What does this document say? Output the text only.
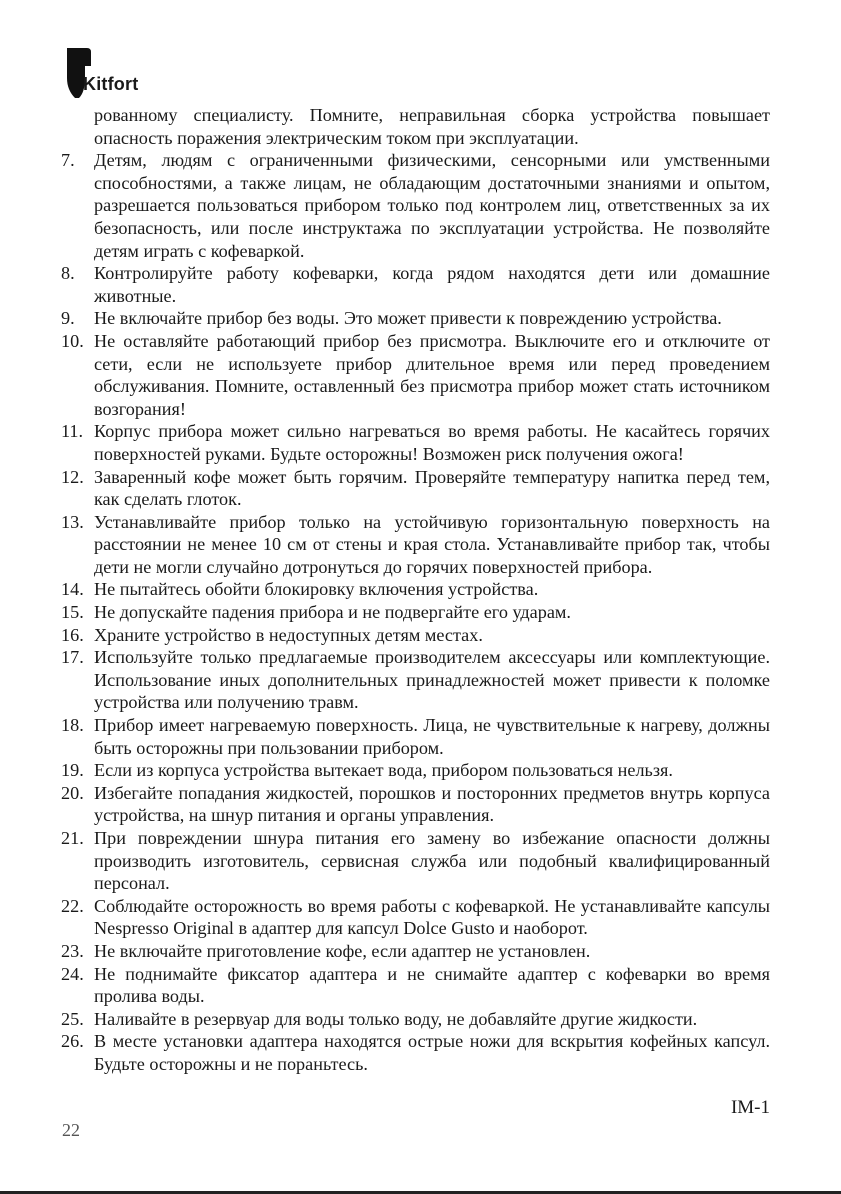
Kitfort
рованному специалисту. Помните, неправильная сборка устройства повышает опасность поражения электрическим током при эксплуатации.
7.	Детям, людям с ограниченными физическими, сенсорными или умственными способностями, а также лицам, не обладающим достаточными знаниями и опытом, разрешается пользоваться прибором только под контролем лиц, ответственных за их безопасность, или после инструктажа по эксплуатации устройства. Не позволяйте детям играть с кофеваркой.
8.	Контролируйте работу кофеварки, когда рядом находятся дети или домашние животные.
9.	Не включайте прибор без воды. Это может привести к повреждению устройства.
10. Не оставляйте работающий прибор без присмотра. Выключите его и отключите от сети, если не используете прибор длительное время или перед проведением обслуживания. Помните, оставленный без присмотра прибор может стать источником возгорания!
11. Корпус прибора может сильно нагреваться во время работы. Не касайтесь горячих поверхностей руками. Будьте осторожны! Возможен риск получения ожога!
12. Заваренный кофе может быть горячим. Проверяйте температуру напитка перед тем, как сделать глоток.
13. Устанавливайте прибор только на устойчивую горизонтальную поверхность на расстоянии не менее 10 см от стены и края стола. Устанавливайте прибор так, чтобы дети не могли случайно дотронуться до горячих поверхностей прибора.
14. Не пытайтесь обойти блокировку включения устройства.
15. Не допускайте падения прибора и не подвергайте его ударам.
16. Храните устройство в недоступных детям местах.
17. Используйте только предлагаемые производителем аксессуары или комплектующие. Использование иных дополнительных принадлежностей может привести к поломке устройства или получению травм.
18. Прибор имеет нагреваемую поверхность. Лица, не чувствительные к нагреву, должны быть осторожны при пользовании прибором.
19. Если из корпуса устройства вытекает вода, прибором пользоваться нельзя.
20. Избегайте попадания жидкостей, порошков и посторонних предметов внутрь корпуса устройства, на шнур питания и органы управления.
21. При повреждении шнура питания его замену во избежание опасности должны производить изготовитель, сервисная служба или подобный квалифицированный персонал.
22. Соблюдайте осторожность во время работы с кофеваркой. Не устанавливайте капсулы Nespresso Original в адаптер для капсул Dolce Gusto и наоборот.
23. Не включайте приготовление кофе, если адаптер не установлен.
24. Не поднимайте фиксатор адаптера и не снимайте адаптер с кофеварки во время пролива воды.
25. Наливайте в резервуар для воды только воду, не добавляйте другие жидкости.
26. В месте установки адаптера находятся острые ножи для вскрытия кофейных капсул. Будьте осторожны и не пораньтесь.
IM-1
22
